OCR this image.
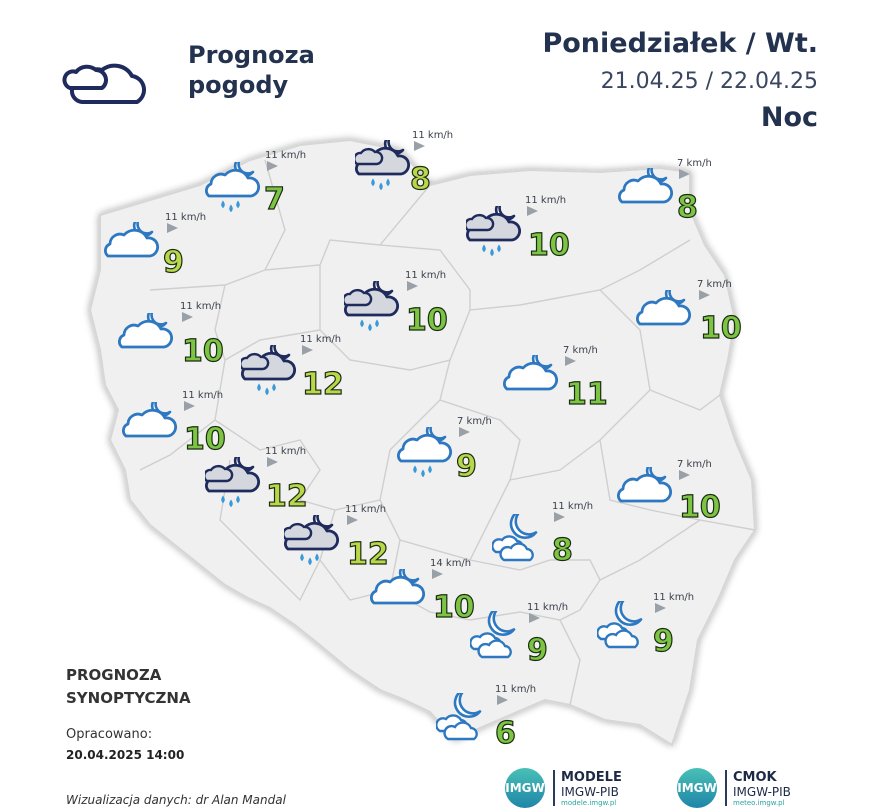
Prognoza
pogody
Poniedziałek / Wt.
21.04.25 / 22.04.25
Noc
11 km/h

7
11 km/h

8
11 km/h

9
11 km/h

10
7 km/h

8
11 km/h

10
11 km/h

10
7 km/h

10
11 km/h

12
7 km/h

11
11 km/h

10
7 km/h

9
11 km/h

12
7 km/h

10
11 km/h

12
11 km/h

8
14 km/h

10	11 km/h

9
11 km/h

9
11 km/h

6
PROGNOZA
SYNOPTYCZNA
Opracowano:
20.04.2025 14:00
Wizualizacja danych: dr Alan Mandal
IMGW
MODELE
IMGW-PIB
modele.imgw.pl
IMGW
CMOK
IMGW-PIB
meteo.imgw.pl
